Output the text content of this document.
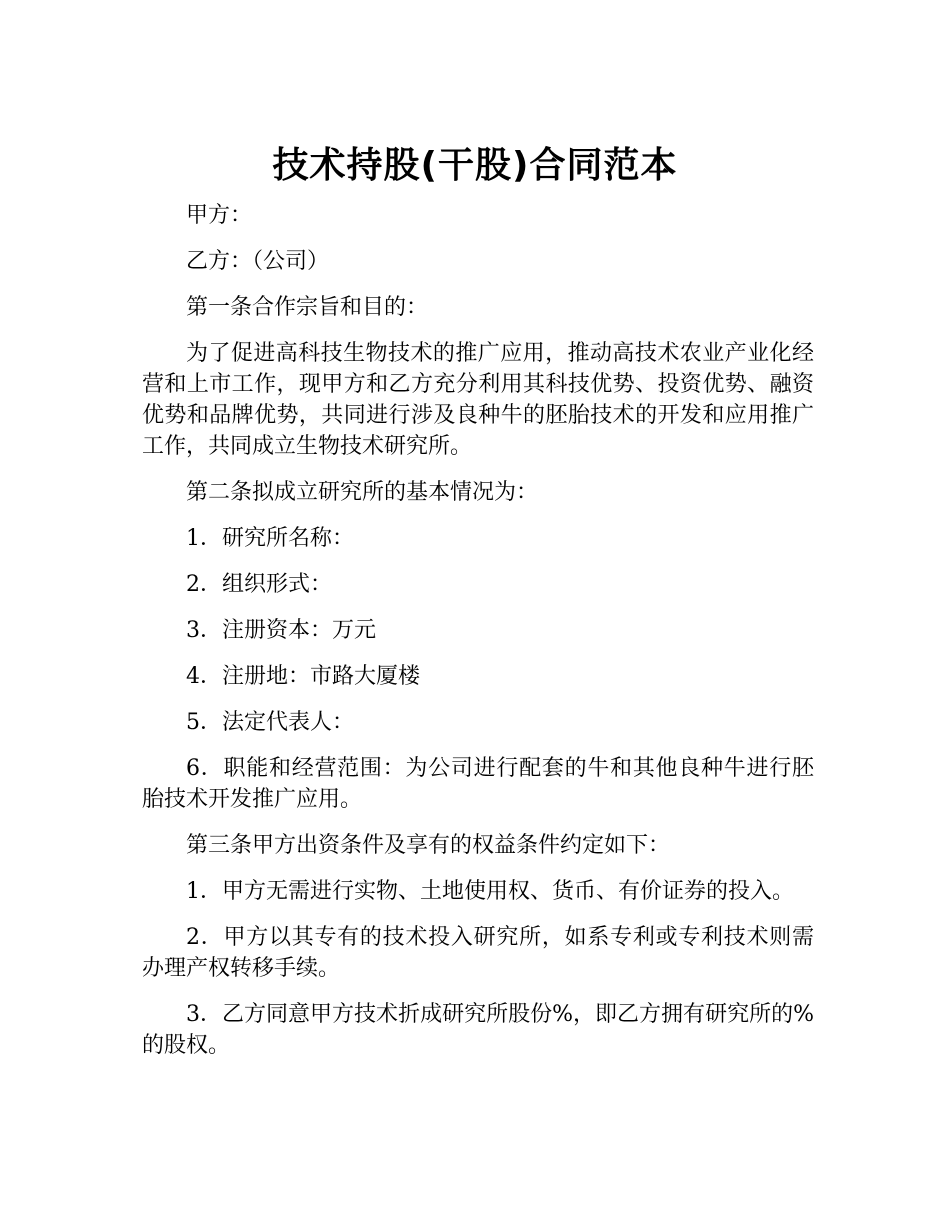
技术持股(干股)合同范本

甲方：

乙方：（公司）

第一条合作宗旨和目的：

为了促进高科技生物技术的推广应用，推动高技术农业产业化经营和上市工作，现甲方和乙方充分利用其科技优势、投资优势、融资优势和品牌优势，共同进行涉及良种牛的胚胎技术的开发和应用推广工作，共同成立生物技术研究所。

第二条拟成立研究所的基本情况为：

1．研究所名称：

2．组织形式：

3．注册资本：万元

4．注册地：市路大厦楼

5．法定代表人：

6．职能和经营范围：为公司进行配套的牛和其他良种牛进行胚胎技术开发推广应用。

第三条甲方出资条件及享有的权益条件约定如下：

1．甲方无需进行实物、土地使用权、货币、有价证券的投入。

2．甲方以其专有的技术投入研究所，如系专利或专利技术则需办理产权转移手续。

3．乙方同意甲方技术折成研究所股份%，即乙方拥有研究所的%的股权。
